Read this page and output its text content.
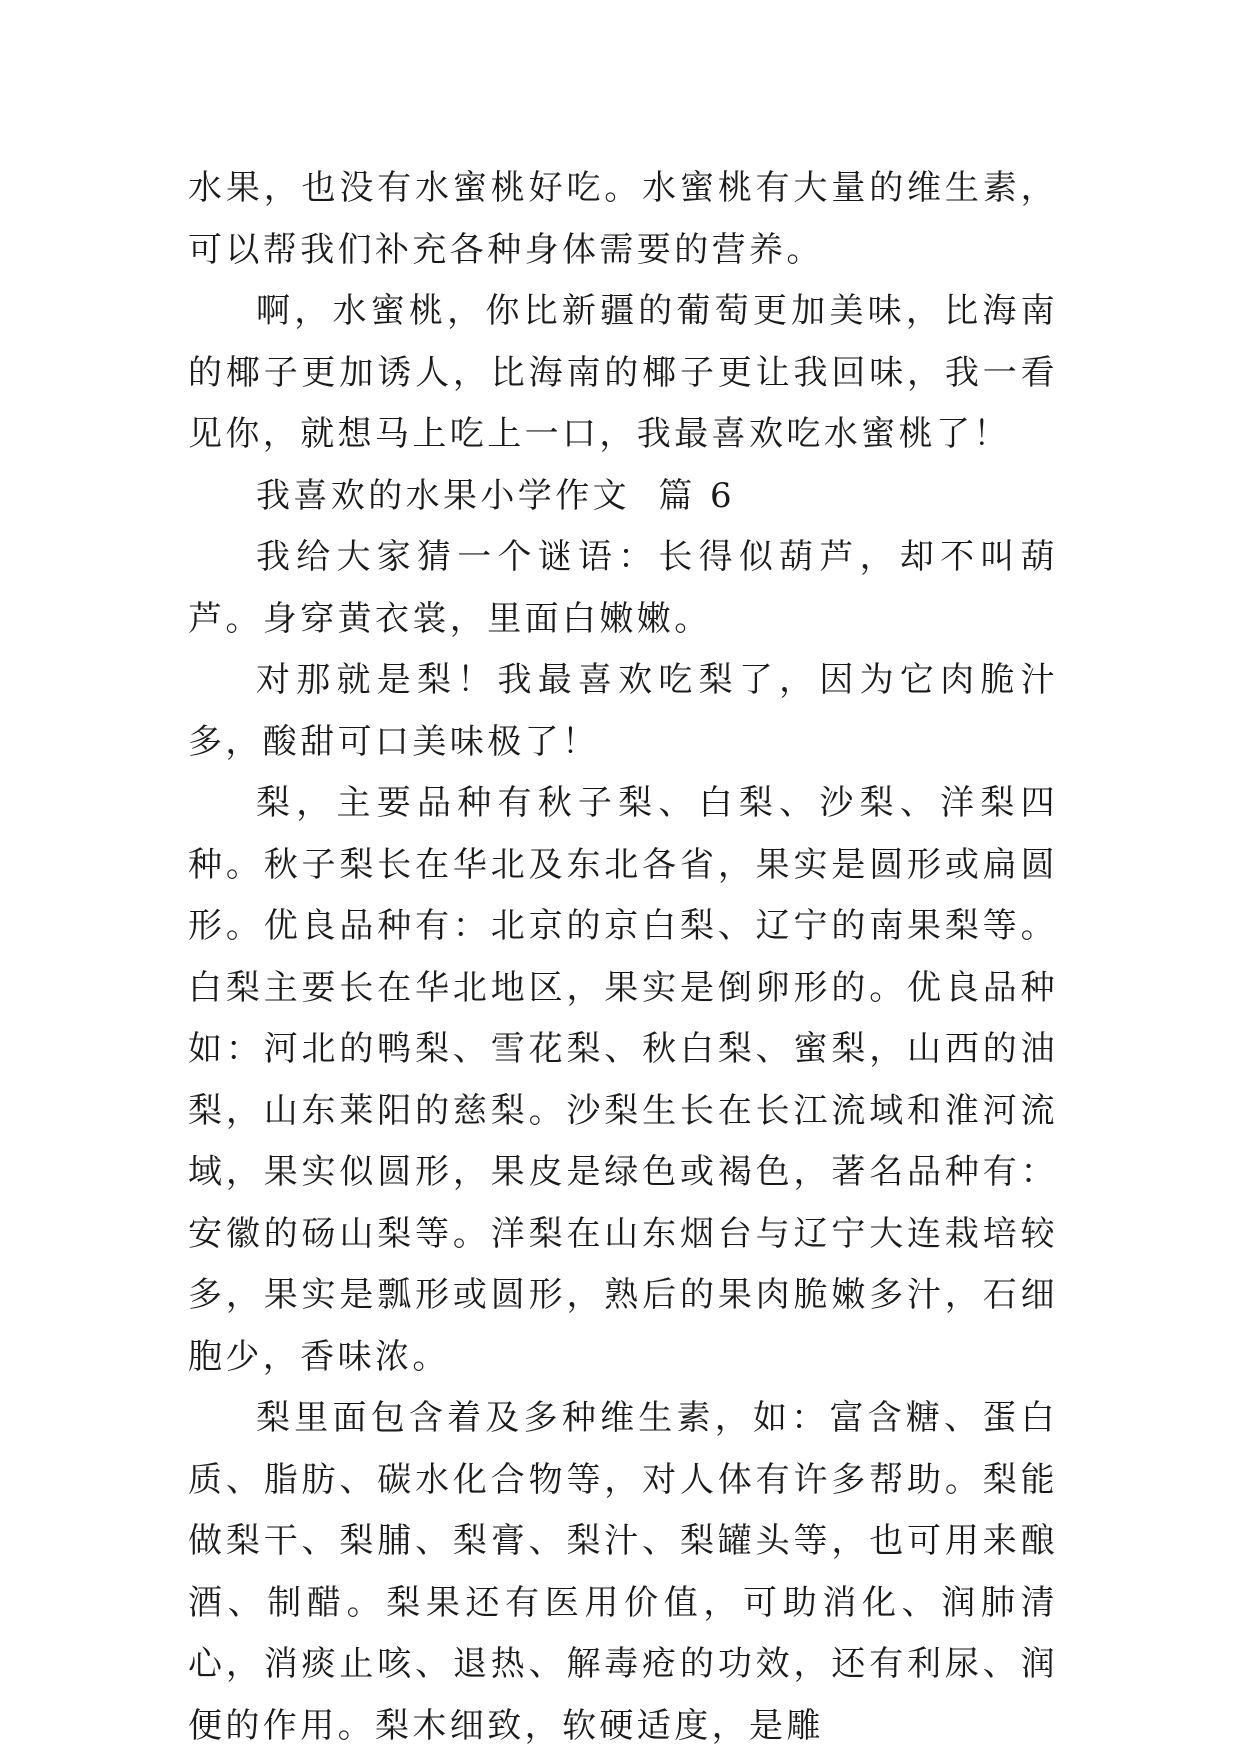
水果，也没有水蜜桃好吃。水蜜桃有大量的维生素，可以帮我们补充各种身体需要的营养。

啊，水蜜桃，你比新疆的葡萄更加美味，比海南的椰子更加诱人，比海南的椰子更让我回味，我一看见你，就想马上吃上一口，我最喜欢吃水蜜桃了！

我喜欢的水果小学作文  篇 6

我给大家猜一个谜语：长得似葫芦，却不叫葫芦。身穿黄衣裳，里面白嫩嫩。

对那就是梨！我最喜欢吃梨了，因为它肉脆汁多，酸甜可口美味极了！

梨，主要品种有秋子梨、白梨、沙梨、洋梨四种。秋子梨长在华北及东北各省，果实是圆形或扁圆形。优良品种有：北京的京白梨、辽宁的南果梨等。白梨主要长在华北地区，果实是倒卵形的。优良品种如：河北的鸭梨、雪花梨、秋白梨、蜜梨，山西的油梨，山东莱阳的慈梨。沙梨生长在长江流域和淮河流域，果实似圆形，果皮是绿色或褐色，著名品种有：安徽的砀山梨等。洋梨在山东烟台与辽宁大连栽培较多，果实是瓢形或圆形，熟后的果肉脆嫩多汁，石细胞少，香味浓。

梨里面包含着及多种维生素，如：富含糖、蛋白质、脂肪、碳水化合物等，对人体有许多帮助。梨能做梨干、梨脯、梨膏、梨汁、梨罐头等，也可用来酿酒、制醋。梨果还有医用价值，可助消化、润肺清心，消痰止咳、退热、解毒疮的功效，还有利尿、润便的作用。梨木细致，软硬适度，是雕
